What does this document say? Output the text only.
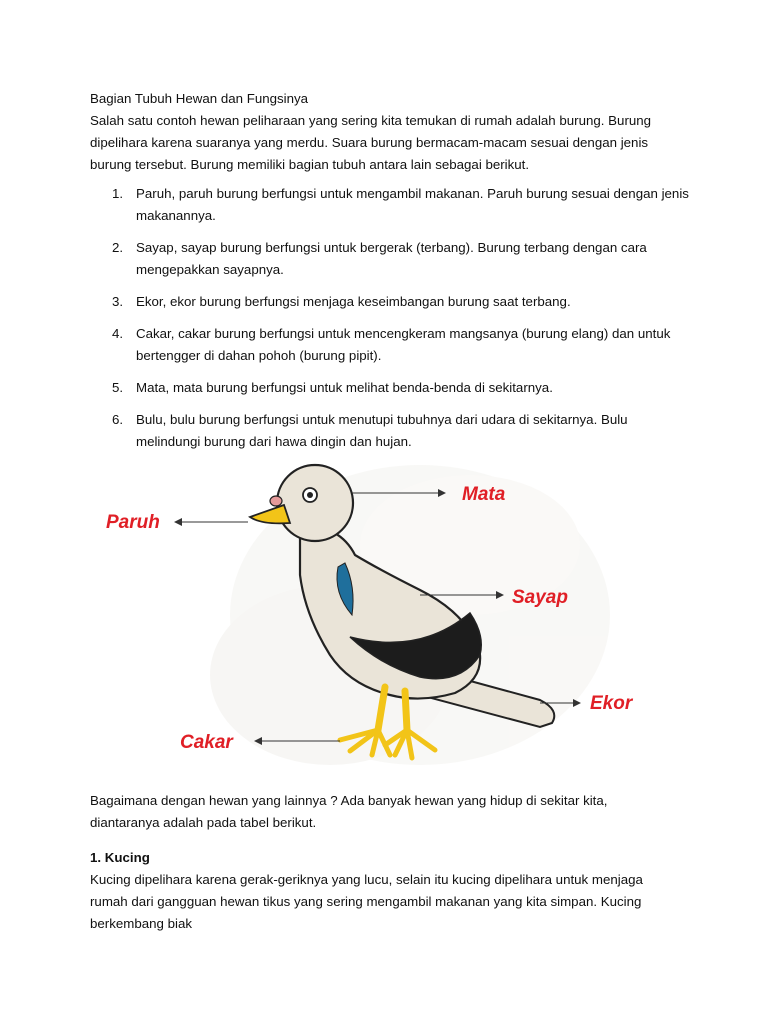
Bagian Tubuh Hewan dan Fungsinya
Salah satu contoh hewan peliharaan yang sering kita temukan di rumah adalah burung. Burung dipelihara karena suaranya yang merdu. Suara burung bermacam-macam sesuai dengan jenis burung tersebut. Burung memiliki bagian tubuh antara lain sebagai berikut.
1. Paruh, paruh burung berfungsi untuk mengambil makanan. Paruh burung sesuai dengan jenis makanannya.
2. Sayap, sayap burung berfungsi untuk bergerak (terbang). Burung terbang dengan cara mengepakkan sayapnya.
3. Ekor, ekor burung berfungsi menjaga keseimbangan burung saat terbang.
4. Cakar, cakar burung berfungsi untuk mencengkeram mangsanya (burung elang) dan untuk bertengger di dahan pohoh (burung pipit).
5. Mata, mata burung berfungsi untuk melihat benda-benda di sekitarnya.
6. Bulu, bulu burung berfungsi untuk menutupi tubuhnya dari udara di sekitarnya. Bulu melindungi burung dari hawa dingin dan hujan.
Mata
Paruh
Sayap
Ekor
Cakar
Bagaimana dengan hewan yang lainnya ? Ada banyak hewan yang hidup di sekitar kita, diantaranya adalah pada tabel berikut.
1. Kucing
Kucing dipelihara karena gerak-geriknya yang lucu, selain itu kucing dipelihara untuk menjaga rumah dari gangguan hewan tikus yang sering mengambil makanan yang kita simpan. Kucing berkembang biak
